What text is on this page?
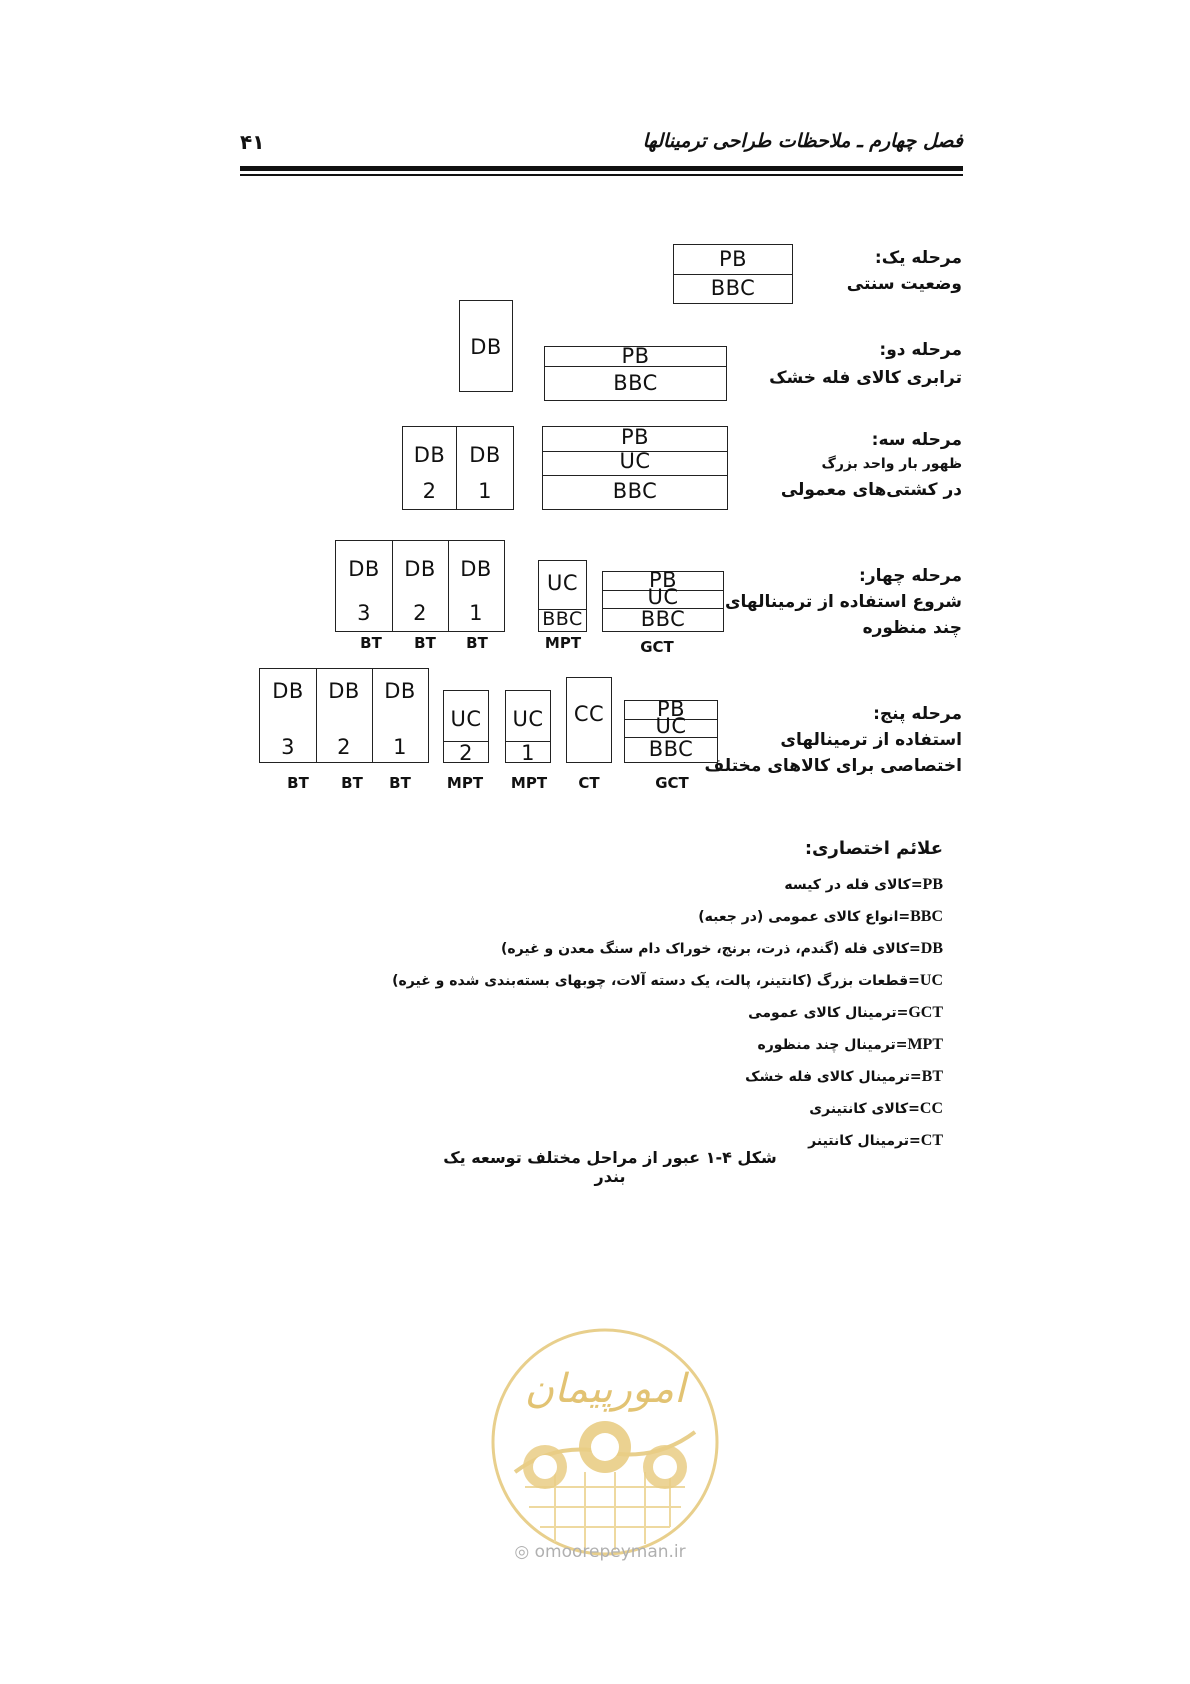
فصل چهارم ـ ملاحظات طراحی ترمینالها
۴۱
مرحله یک:
وضعیت سنتی
مرحله دو:
ترابری کالای فله خشک
مرحله سه:
ظهور بار واحد بزرگ
در کشتی‌های معمولی
مرحله چهار:
شروع استفاده از ترمینالهای
چند منظوره
مرحله پنج:
استفاده از ترمینالهای
اختصاصی برای کالاهای مختلف
PB
BBC
DB	PB
BBC
DB
2
DB
1
PB
UC
BBC
DB
3
DB
2
DB
1
BT	BT	BT
UC
BBC
MPT
PB
UC
BBC
GCT
DB
3
DB
2
DB
1
BT	BT	BT
UC
2
MPT
UC
1
MPT
CC
CT
PB
UC
BBC
GCT
علائم اختصاری:
PB=کالای فله در کیسه
BBC=انواع کالای عمومی (در جعبه)
DB=کالای فله (گندم، ذرت، برنج، خوراک دام سنگ معدن و غیره)
UC=قطعات بزرگ (کانتینر، پالت، یک دسته آلات، چوبهای بسته‌بندی شده و غیره)
GCT=ترمینال کالای عمومی
MPT=ترمینال چند منظوره
BT=ترمینال کالای فله خشک
CC=کالای کانتینری
CT=ترمینال کانتینر
شکل ۴-۱ عبور از مراحل مختلف توسعه یک بندر
امورپیمان
◎ omoorepeyman.ir
